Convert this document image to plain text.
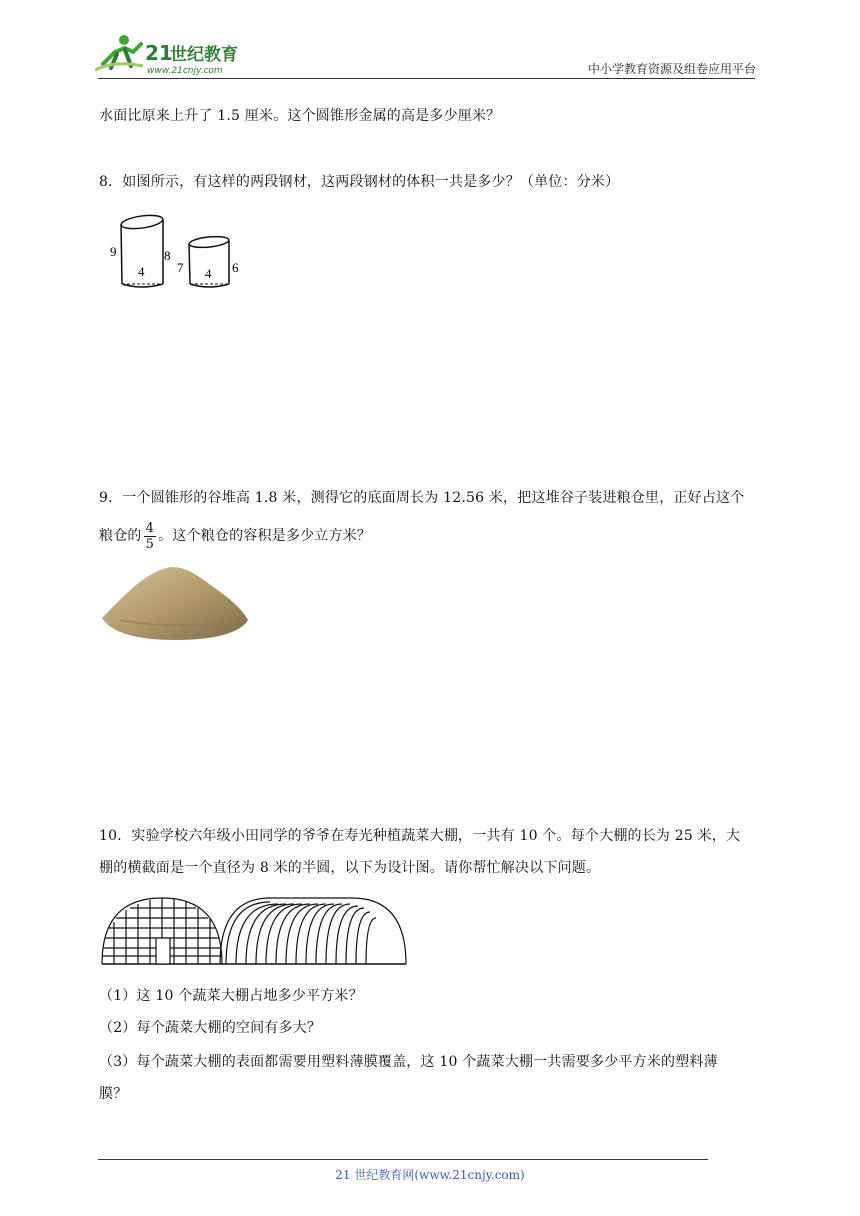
21
世纪教育
www.21cnjy.com	中小学教育资源及组卷应用平台
水面比原来上升了 1.5 厘米。这个圆锥形金属的高是多少厘米？
8．如图所示，有这样的两段钢材，这两段钢材的体积一共是多少？（单位：分米）
9	8
4	7	6
4
9．一个圆锥形的谷堆高 1.8 米，测得它的底面周长为 12.56 米，把这堆谷子装进粮仓里，正好占这个
粮仓的 $\frac{4}{5}$ 。这个粮仓的容积是多少立方米？
10．实验学校六年级小田同学的爷爷在寿光种植蔬菜大棚，一共有 10 个。每个大棚的长为 25 米，大
棚的横截面是一个直径为 8 米的半圆，以下为设计图。请你帮忙解决以下问题。
（1）这 10 个蔬菜大棚占地多少平方米？
（2）每个蔬菜大棚的空间有多大？
（3）每个蔬菜大棚的表面都需要用塑料薄膜覆盖，这 10 个蔬菜大棚一共需要多少平方米的塑料薄
膜？
21 世纪教育网(www.21cnjy.com)
